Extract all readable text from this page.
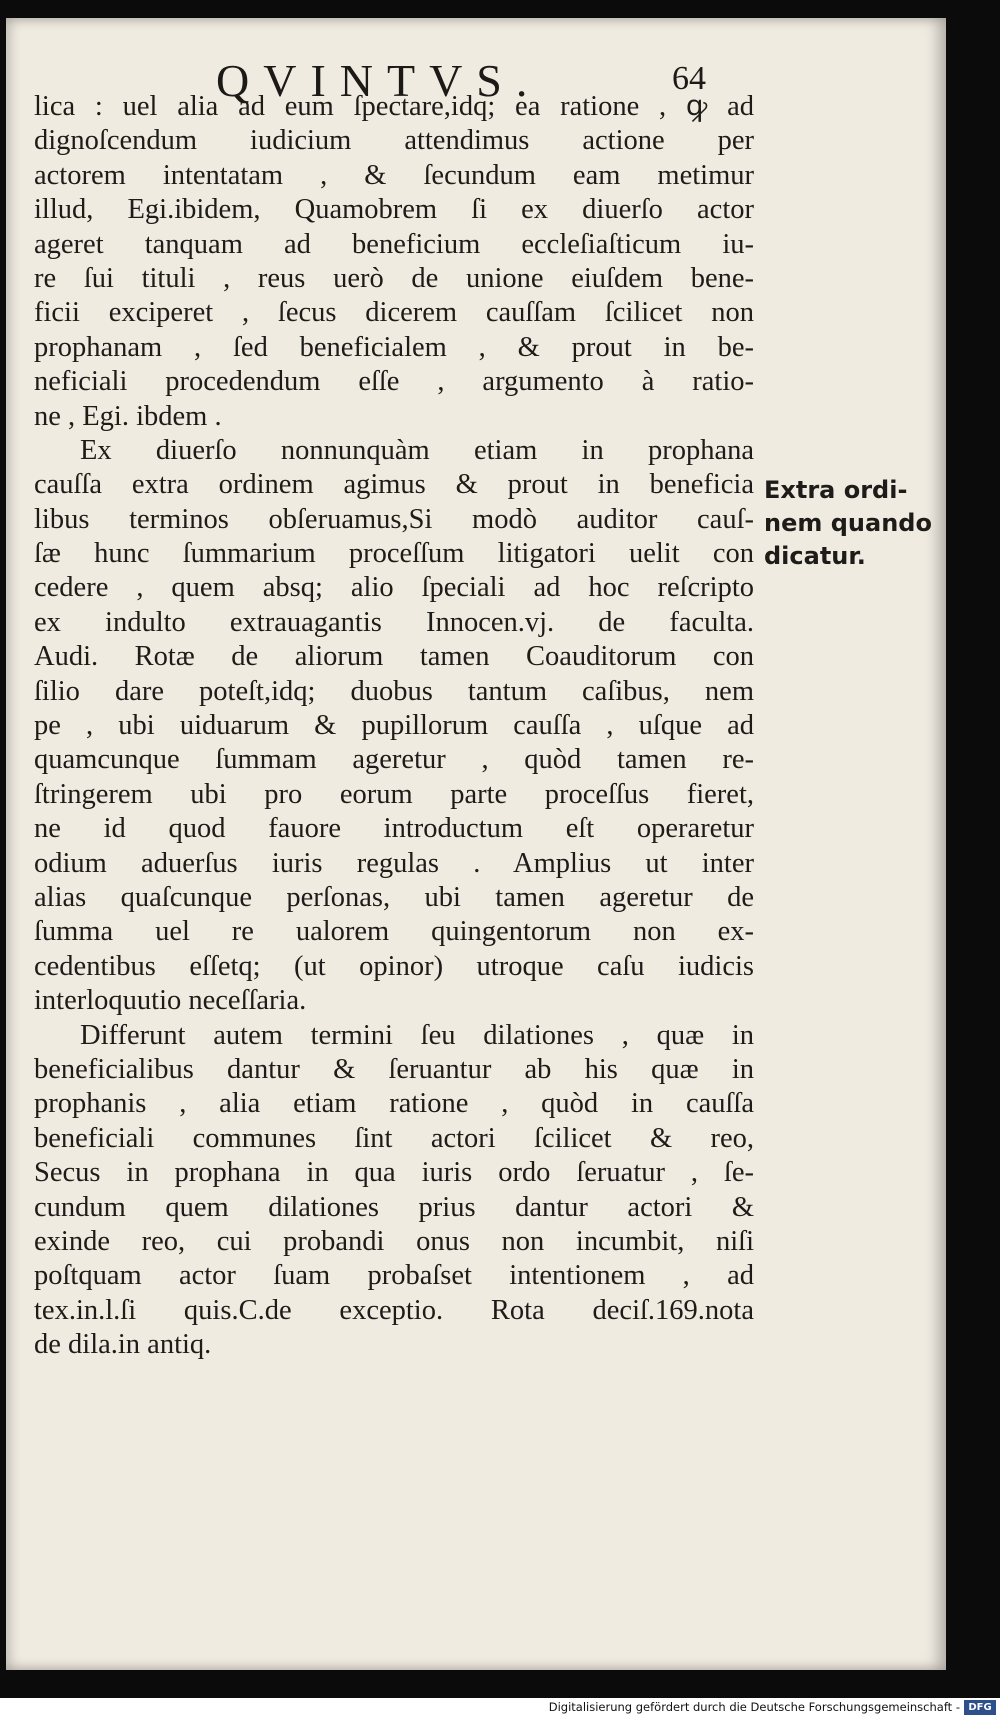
QVINTVS.	64
lica : uel alia ad eum ſpectare,idq; ea ratione , ꝙ ad
dignoſcendum iudicium attendimus actione per
actorem intentatam , & ſecundum eam metimur
illud, Egi.ibidem, Quamobrem ſi ex diuerſo actor
ageret tanquam ad beneficium eccleſiaſticum iu-
re ſui tituli , reus uerò de unione eiuſdem bene-
ficii exciperet , ſecus dicerem cauſſam ſcilicet non
prophanam , ſed beneficialem , & prout in be-
neficiali procedendum eſſe , argumento à ratio-
ne , Egi. ibdem .
Ex diuerſo nonnunquàm etiam in prophana
cauſſa extra ordinem agimus & prout in beneficia
libus terminos obſeruamus,Si modò auditor cauſ-
ſæ hunc ſummarium proceſſum litigatori uelit con
cedere , quem absq; alio ſpeciali ad hoc reſcripto
ex indulto extrauagantis Innocen.vj. de facultа.
Audi. Rotæ de aliorum tamen Coauditorum con
ſilio dare poteſt,idq; duobus tantum caſibus, nem
pe , ubi uiduarum & pupillorum cauſſa , uſque ad
quamcunque ſummam ageretur , quòd tamen re-
ſtringerem ubi pro eorum parte proceſſus fieret,
ne id quod fauore introductum eſt operaretur
odium aduerſus iuris regulas . Amplius ut inter
alias quaſcunque perſonas, ubi tamen ageretur de
ſumma uel re ualorem quingentorum non ex-
cedentibus eſſetq; (ut opinor) utroque caſu iudicis
interloquutio neceſſaria.
Differunt autem termini ſeu dilationes , quæ in
beneficialibus dantur & ſeruantur ab his quæ in
prophanis , alia etiam ratione , quòd in cauſſa
beneficiali communes ſint actori ſcilicet & reo,
Secus in prophana in qua iuris ordo ſeruatur , ſe-
cundum quem dilationes prius dantur actori &
exinde reo, cui probandi onus non incumbit, niſi
poſtquam actor ſuam probaſset intentionem , ad
tex.in.l.ſi quis.C.de exceptio. Rota deciſ.169.nota
de dila.in antiq.
Extra ordi-
nem quando
dicatur.
Digitalisierung gefördert durch die Deutsche Forschungsgemeinschaft - DFG
